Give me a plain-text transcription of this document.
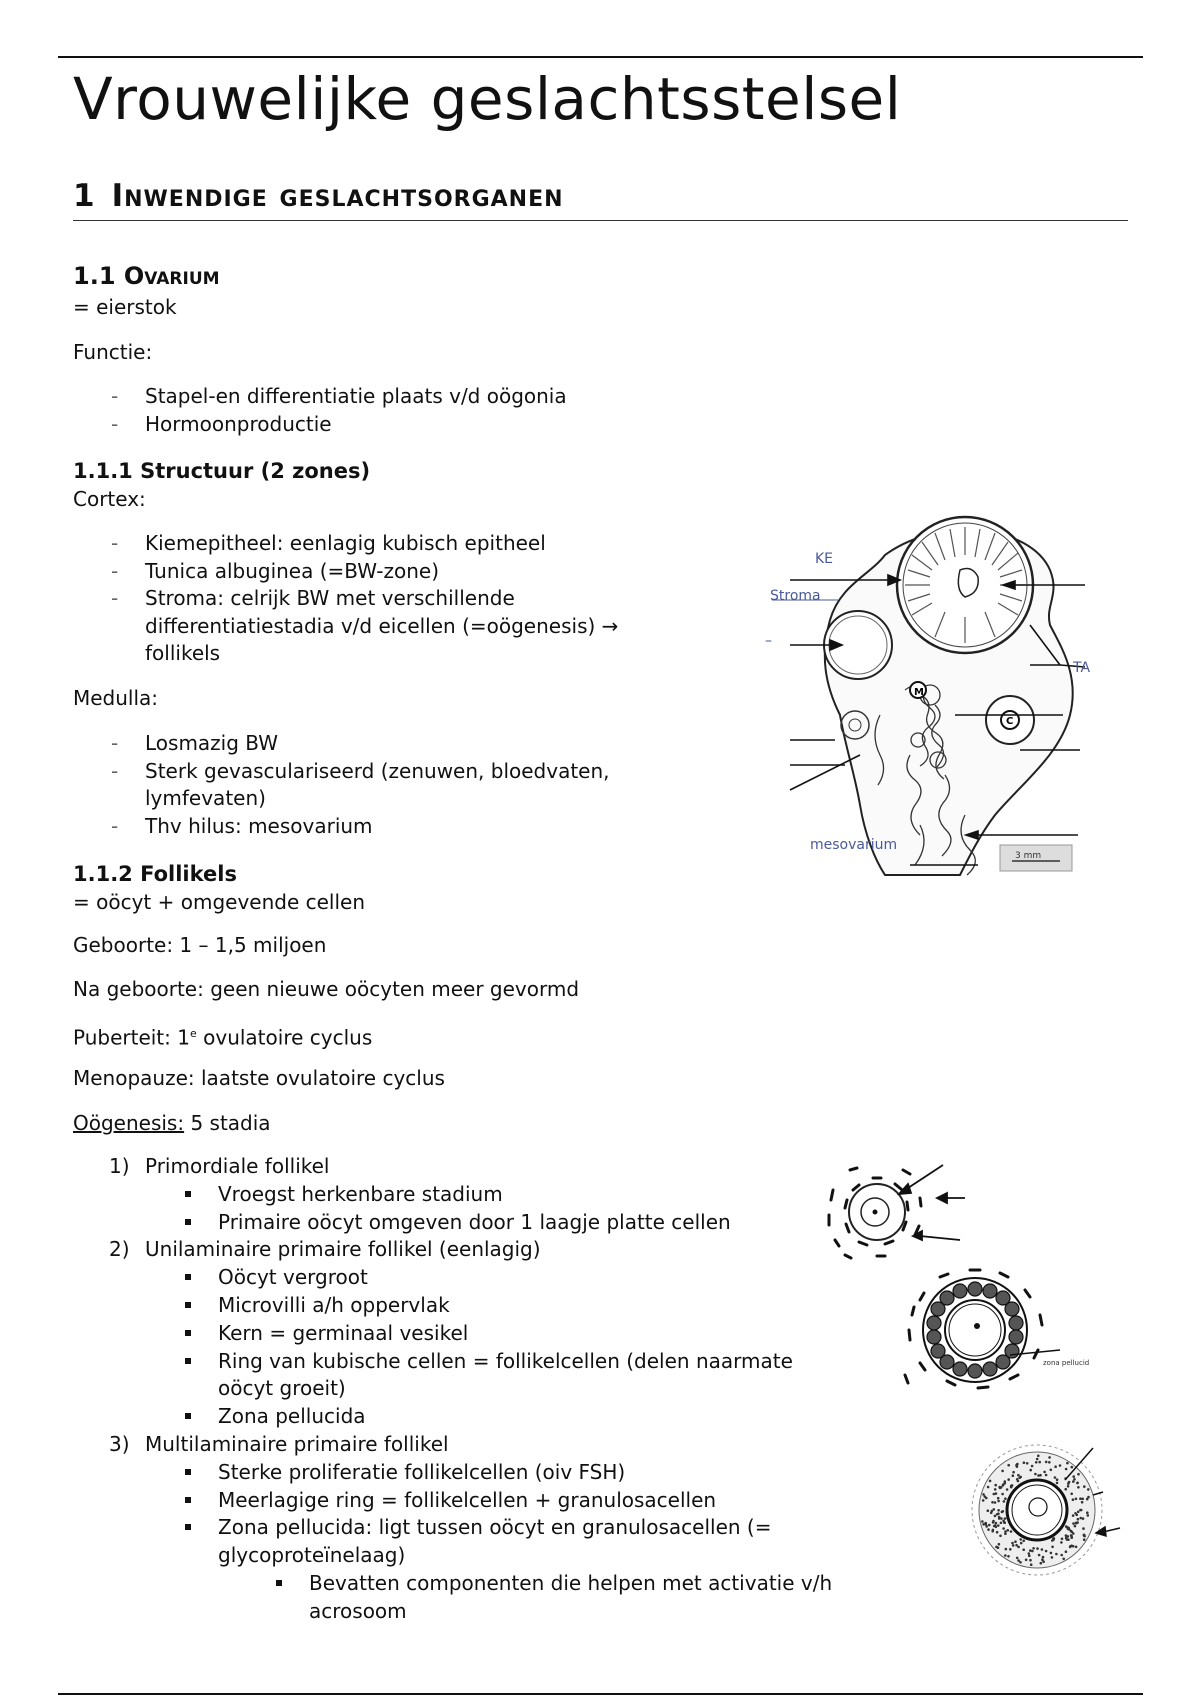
Vrouwelijke geslachtsstelsel
1 Inwendige geslachtsorganen
1.1 Ovarium

= eierstok

Functie:

- Stapel-en differentiatie plaats v/d oögonia
- Hormoonproductie
1.1.1 Structuur (2 zones)

Cortex:

- Kiemepitheel: eenlagig kubisch epitheel
- Tunica albuginea (=BW-zone)
- Stroma: celrijk BW met verschillende differentiatiestadia v/d eicellen (=oögenesis) → follikels

Medulla:

- Losmazig BW
- Sterk gevasculariseerd (zenuwen, bloedvaten, lymfevaten)
- Thv hilus: mesovarium
M
C
KE
Stroma
–
TA
mesovarium
3 mm
1.1.2 Follikels

= oöcyt + omgevende cellen

Geboorte: 1 – 1,5 miljoen

Na geboorte: geen nieuwe oöcyten meer gevormd

Puberteit: 1e ovulatoire cyclus

Menopauze: laatste ovulatoire cyclus

Oögenesis: 5 stadia

1) Primordiale follikel
Vroegst herkenbare stadium
Primaire oöcyt omgeven door 1 laagje platte cellen
2) Unilaminaire primaire follikel (eenlagig)
Oöcyt vergroot
Microvilli a/h oppervlak
Kern = germinaal vesikel
Ring van kubische cellen = follikelcellen (delen naarmate oöcyt groeit)
Zona pellucida
3) Multilaminaire primaire follikel
Sterke proliferatie follikelcellen (oiv FSH)
Meerlagige ring = follikelcellen + granulosacellen
Zona pellucida: ligt tussen oöcyt en granulosacellen (= glycoproteïnelaag)
Bevatten componenten die helpen met activatie v/h acrosoom
zona pellucid
